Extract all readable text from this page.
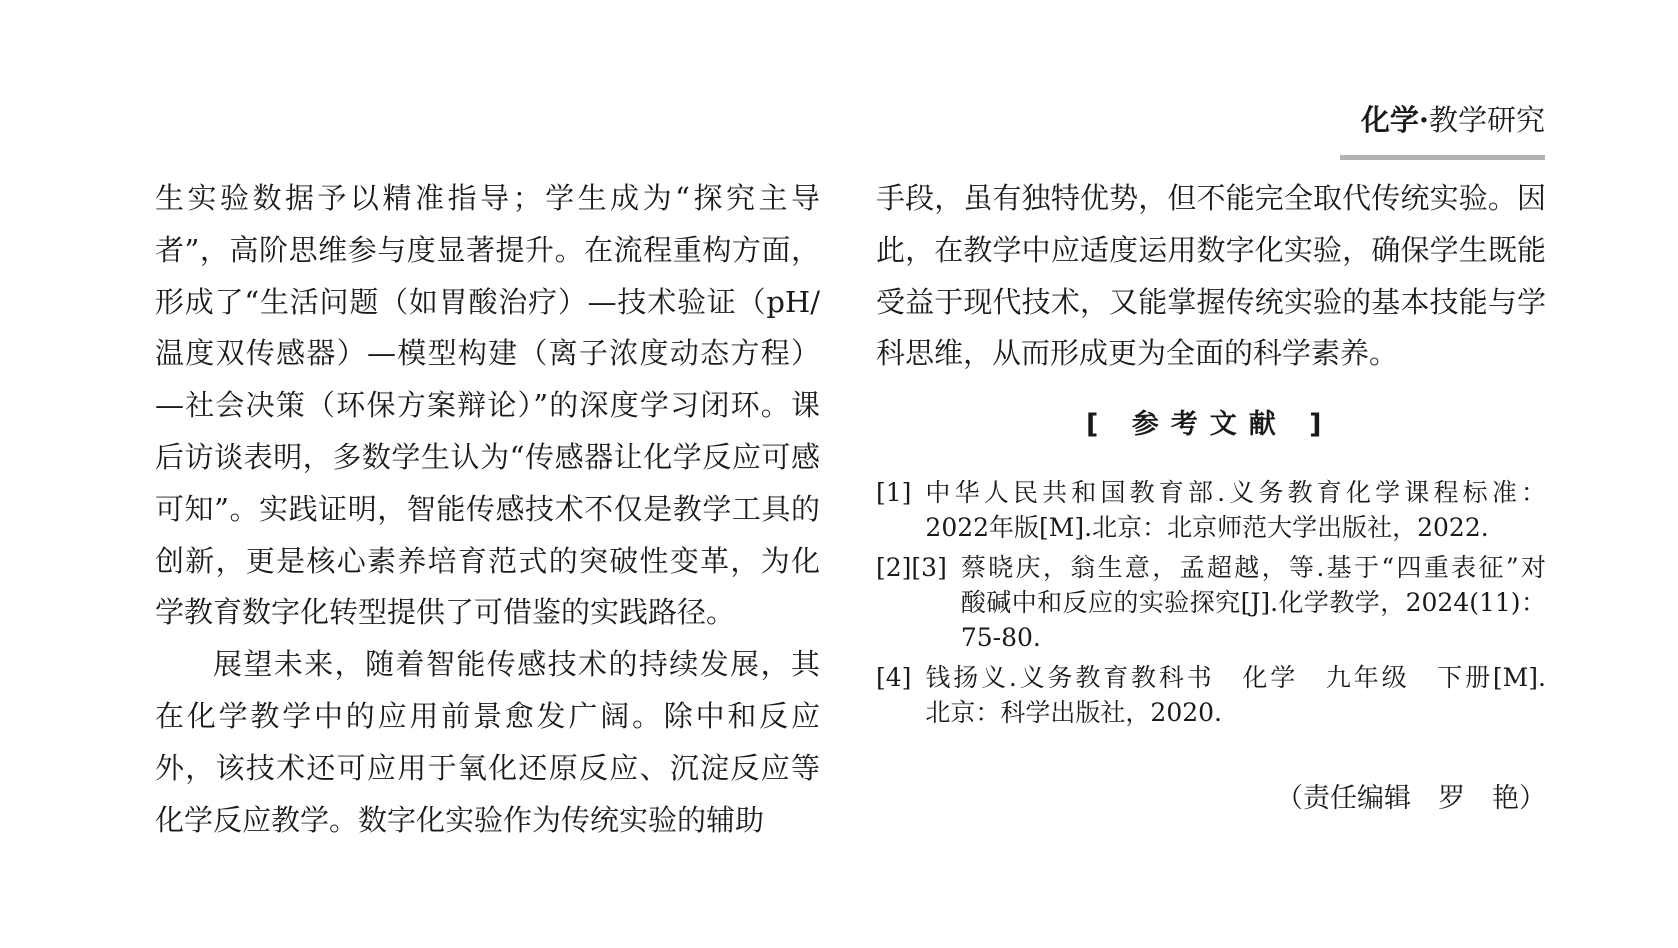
化学·教学研究

生实验数据予以精准指导；学生成为“探究主导者”，高阶思维参与度显著提升。在流程重构方面，形成了“生活问题（如胃酸治疗）—技术验证（pH/温度双传感器）—模型构建（离子浓度动态方程）—社会决策（环保方案辩论）”的深度学习闭环。课后访谈表明，多数学生认为“传感器让化学反应可感可知”。实践证明，智能传感技术不仅是教学工具的创新，更是核心素养培育范式的突破性变革，为化学教育数字化转型提供了可借鉴的实践路径。

展望未来，随着智能传感技术的持续发展，其在化学教学中的应用前景愈发广阔。除中和反应外，该技术还可应用于氧化还原反应、沉淀反应等化学反应教学。数字化实验作为传统实验的辅助

手段，虽有独特优势，但不能完全取代传统实验。因此，在教学中应适度运用数字化实验，确保学生既能受益于现代技术，又能掌握传统实验的基本技能与学科思维，从而形成更为全面的科学素养。

[ 参考文献 ]
[1] 中华人民共和国教育部.义务教育化学课程标准：
2022年版[M].北京：北京师范大学出版社，2022.
[2][3] 蔡晓庆，翁生意，孟超越，等.基于“四重表征”对
酸碱中和反应的实验探究[J].化学教学，2024(11)：
75-80.
[4] 钱扬义.义务教育教科书　化学　九年级　下册[M].
北京：科学出版社，2020.
（责任编辑　罗　艳）
